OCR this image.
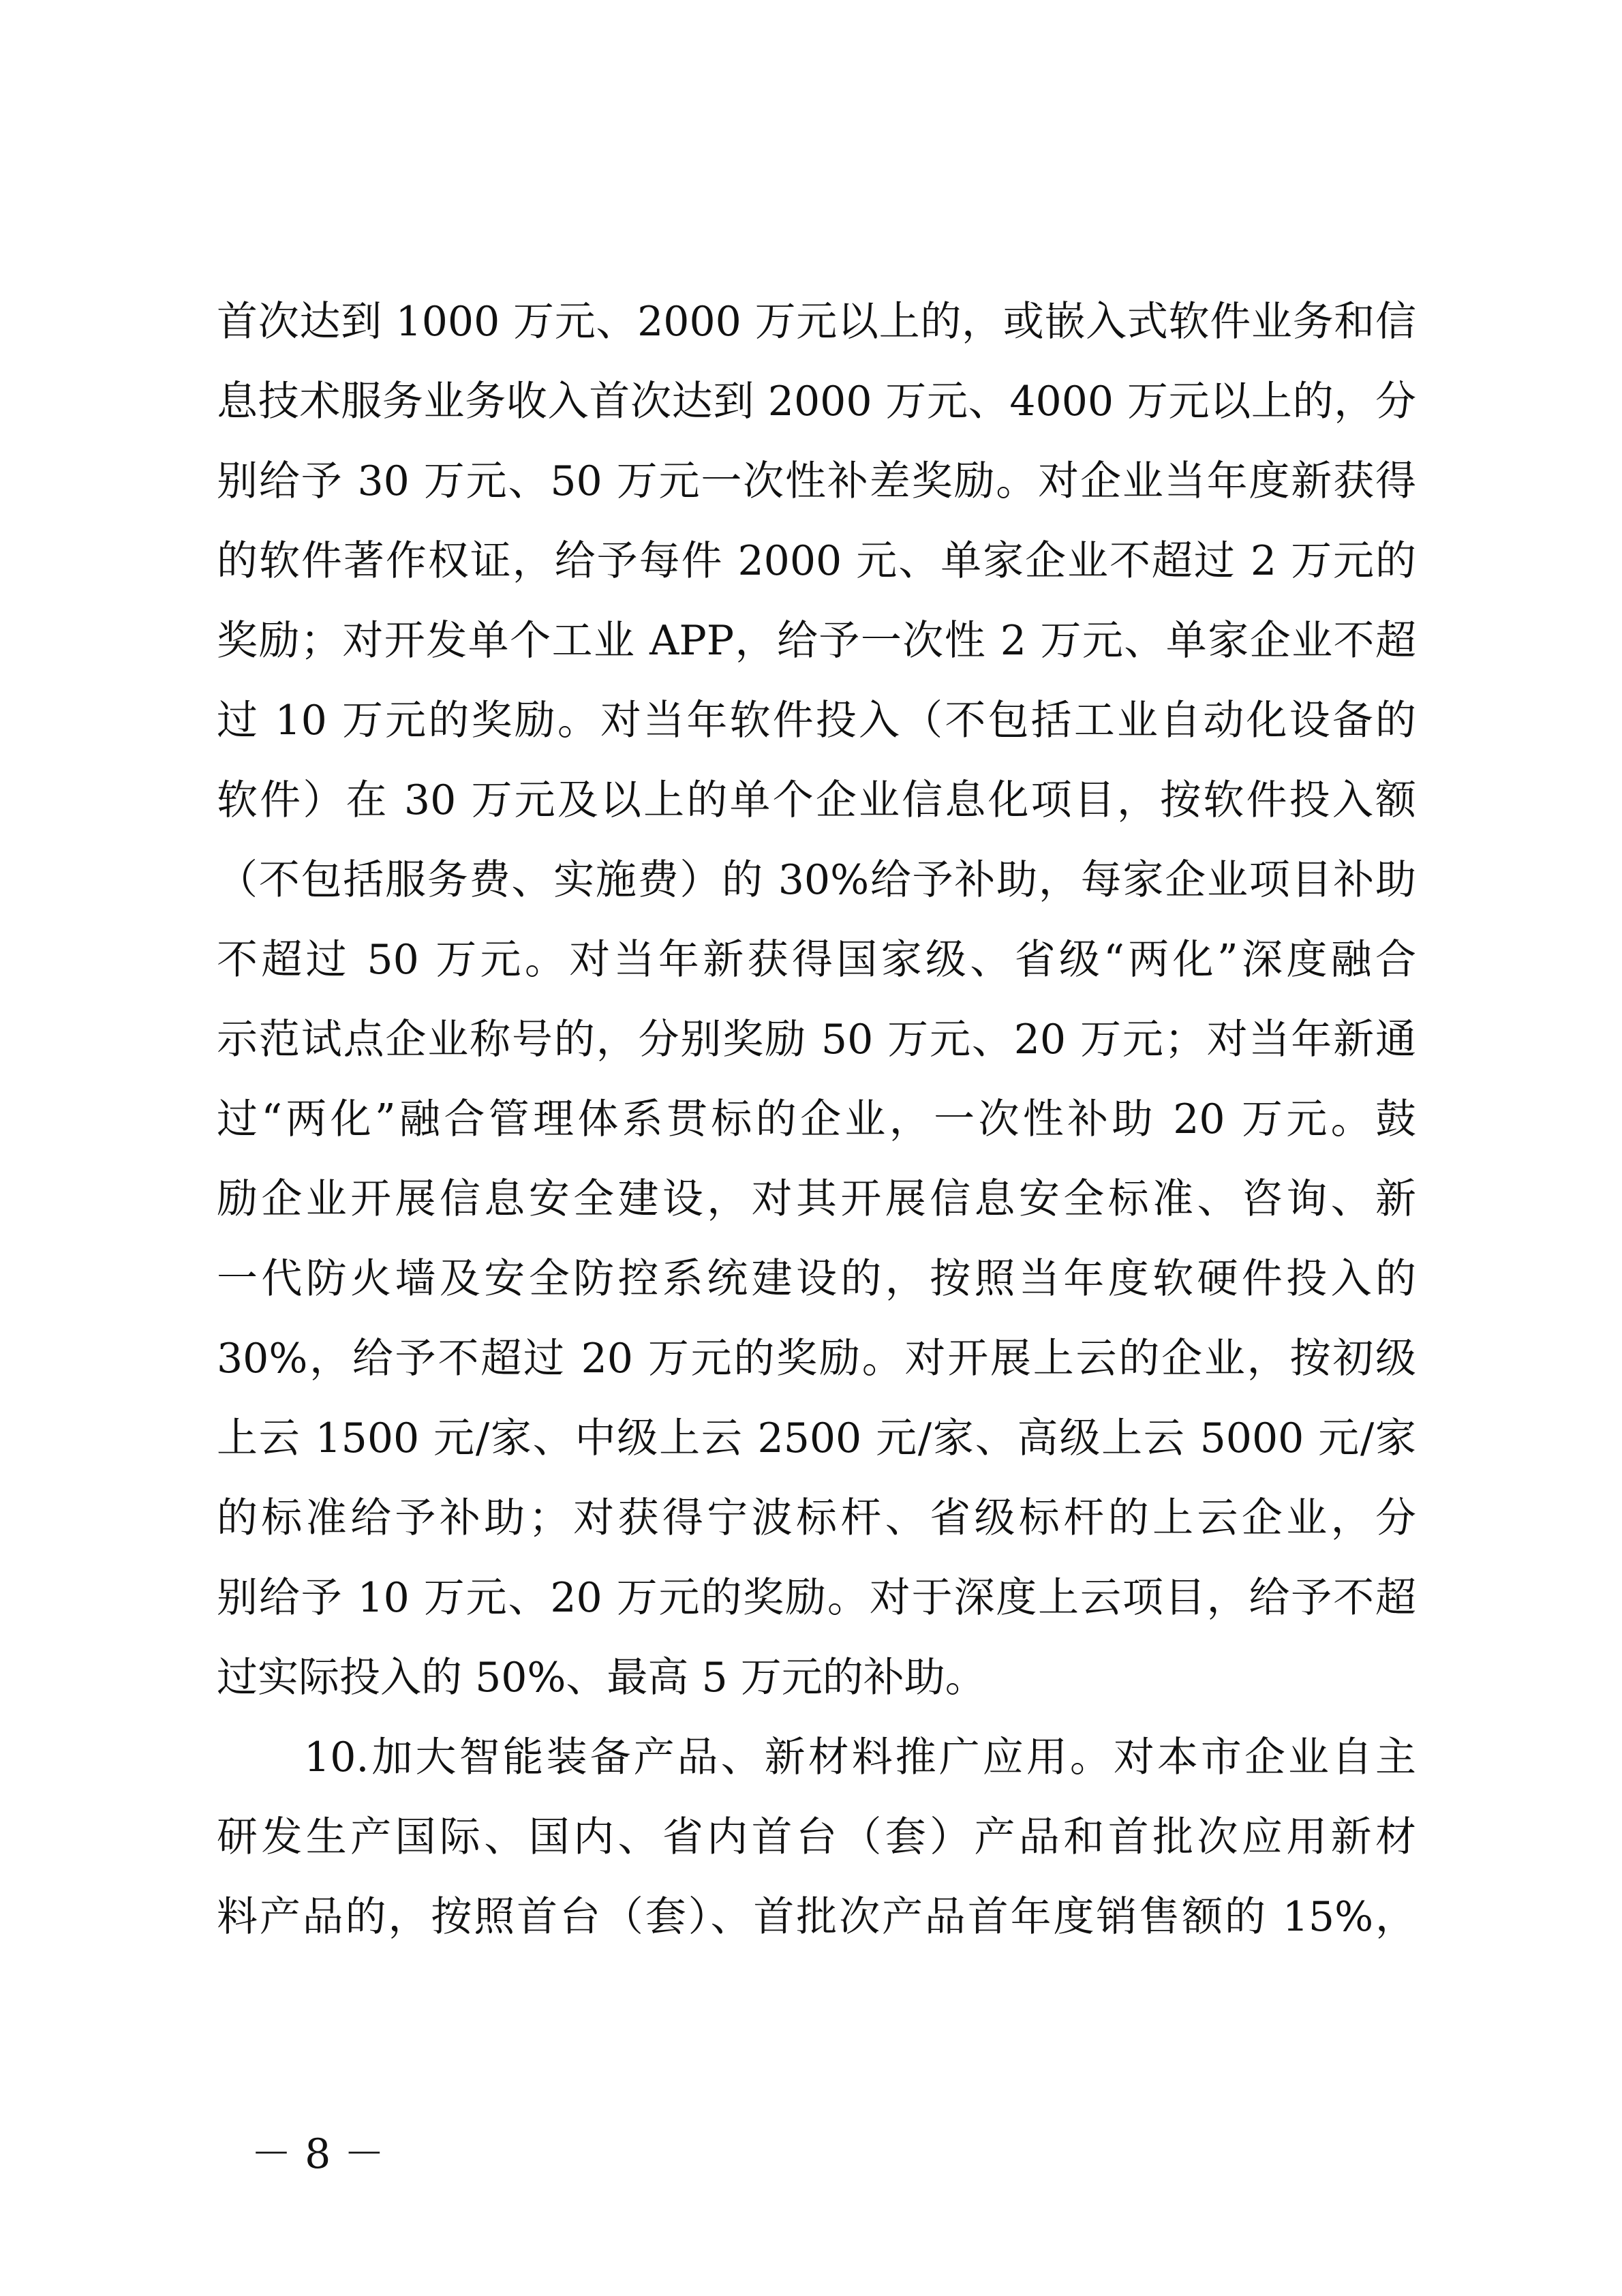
首次达到 1000 万元、2000 万元以上的，或嵌入式软件业务和信
息技术服务业务收入首次达到 2000 万元、4000 万元以上的，分
别给予 30 万元、50 万元一次性补差奖励。对企业当年度新获得
的软件著作权证，给予每件 2000 元、单家企业不超过 2 万元的
奖励；对开发单个工业 APP，给予一次性 2 万元、单家企业不超
过 10 万元的奖励。对当年软件投入（不包括工业自动化设备的
软件）在 30 万元及以上的单个企业信息化项目，按软件投入额
（不包括服务费、实施费）的 30%给予补助，每家企业项目补助
不超过 50 万元。对当年新获得国家级、省级“两化”深度融合
示范试点企业称号的，分别奖励 50 万元、20 万元；对当年新通
过“两化”融合管理体系贯标的企业，一次性补助 20 万元。鼓
励企业开展信息安全建设，对其开展信息安全标准、咨询、新
一代防火墙及安全防控系统建设的，按照当年度软硬件投入的
30%，给予不超过 20 万元的奖励。对开展上云的企业，按初级
上云 1500 元/家、中级上云 2500 元/家、高级上云 5000 元/家
的标准给予补助；对获得宁波标杆、省级标杆的上云企业，分
别给予 10 万元、20 万元的奖励。对于深度上云项目，给予不超
过实际投入的 50%、最高 5 万元的补助。
　　10.加大智能装备产品、新材料推广应用。对本市企业自主
研发生产国际、国内、省内首台（套）产品和首批次应用新材
料产品的，按照首台（套）、首批次产品首年度销售额的 15%，
－ 8 －
